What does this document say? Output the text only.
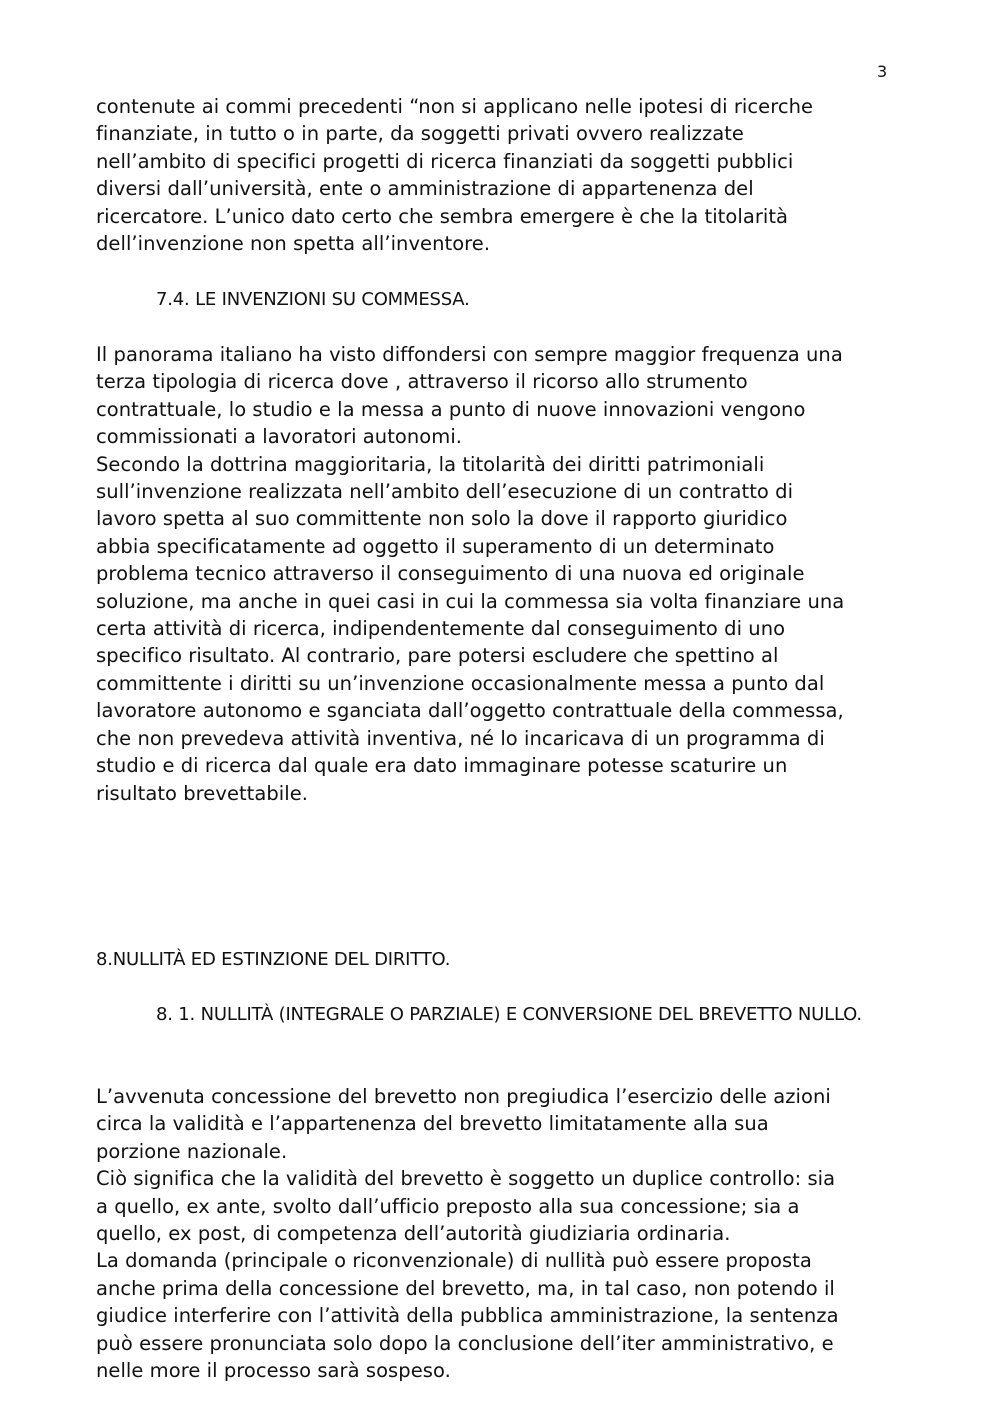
3

contenute ai commi precedenti “non si applicano nelle ipotesi di ricerche
finanziate, in tutto o in parte, da soggetti privati ovvero realizzate
nell’ambito di specifici progetti di ricerca finanziati da soggetti pubblici
diversi dall’università, ente o amministrazione di appartenenza del
ricercatore. L’unico dato certo che sembra emergere è che la titolarità
dell’invenzione non spetta all’inventore.

7.4. LE INVENZIONI SU COMMESSA.

Il panorama italiano ha visto diffondersi con sempre maggior frequenza una
terza tipologia di ricerca dove , attraverso il ricorso allo strumento
contrattuale, lo studio e la messa a punto di nuove innovazioni vengono
commissionati a lavoratori autonomi.
Secondo la dottrina maggioritaria, la titolarità dei diritti patrimoniali
sull’invenzione realizzata nell’ambito dell’esecuzione di un contratto di
lavoro spetta al suo committente non solo la dove il rapporto giuridico
abbia specificatamente ad oggetto il superamento di un determinato
problema tecnico attraverso il conseguimento di una nuova ed originale
soluzione, ma anche in quei casi in cui la commessa sia volta finanziare una
certa attività di ricerca, indipendentemente dal conseguimento di uno
specifico risultato. Al contrario, pare potersi escludere che spettino al
committente i diritti su un’invenzione occasionalmente messa a punto dal
lavoratore autonomo e sganciata dall’oggetto contrattuale della commessa,
che non prevedeva attività inventiva, né lo incaricava di un programma di
studio e di ricerca dal quale era dato immaginare potesse scaturire un
risultato brevettabile.

8.NULLITÀ ED ESTINZIONE DEL DIRITTO.

8. 1. NULLITÀ (INTEGRALE O PARZIALE) E CONVERSIONE DEL BREVETTO NULLO.

L’avvenuta concessione del brevetto non pregiudica l’esercizio delle azioni
circa la validità e l’appartenenza del brevetto limitatamente alla sua
porzione nazionale.
Ciò significa che la validità del brevetto è soggetto un duplice controllo: sia
a quello, ex ante, svolto dall’ufficio preposto alla sua concessione; sia a
quello, ex post, di competenza dell’autorità giudiziaria ordinaria.
La domanda (principale o riconvenzionale) di nullità può essere proposta
anche prima della concessione del brevetto, ma, in tal caso, non potendo il
giudice interferire con l’attività della pubblica amministrazione, la sentenza
può essere pronunciata solo dopo la conclusione dell’iter amministrativo, e
nelle more il processo sarà sospeso.
